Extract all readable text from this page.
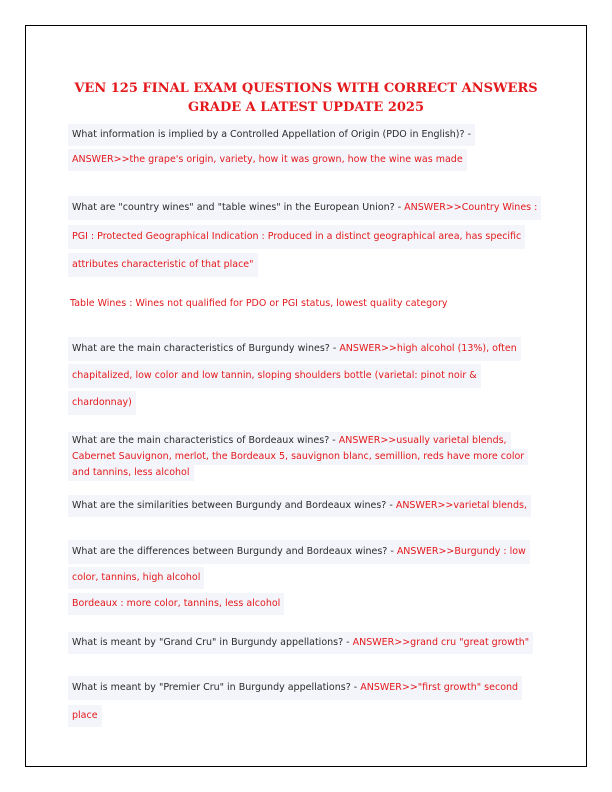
VEN 125 FINAL EXAM QUESTIONS WITH CORRECT ANSWERS GRADE A LATEST UPDATE 2025
What information is implied by a Controlled Appellation of Origin (PDO in English)? -
ANSWER>>the grape's origin, variety, how it was grown, how the wine was made
What are "country wines" and "table wines" in the European Union? - ANSWER>>Country Wines :
PGI : Protected Geographical Indication : Produced in a distinct geographical area, has specific
attributes characteristic of that place"
Table Wines : Wines not qualified for PDO or PGI status, lowest quality category
What are the main characteristics of Burgundy wines? - ANSWER>>high alcohol (13%), often
chapitalized, low color and low tannin, sloping shoulders bottle (varietal: pinot noir &
chardonnay)
What are the main characteristics of Bordeaux wines? - ANSWER>>usually varietal blends,
Cabernet Sauvignon, merlot, the Bordeaux 5, sauvignon blanc, semillion, reds have more color
and tannins, less alcohol
What are the similarities between Burgundy and Bordeaux wines? - ANSWER>>varietal blends,
What are the differences between Burgundy and Bordeaux wines? - ANSWER>>Burgundy : low
color, tannins, high alcohol
Bordeaux : more color, tannins, less alcohol
What is meant by "Grand Cru" in Burgundy appellations? - ANSWER>>grand cru "great growth"
What is meant by "Premier Cru" in Burgundy appellations? - ANSWER>>"first growth" second
place
